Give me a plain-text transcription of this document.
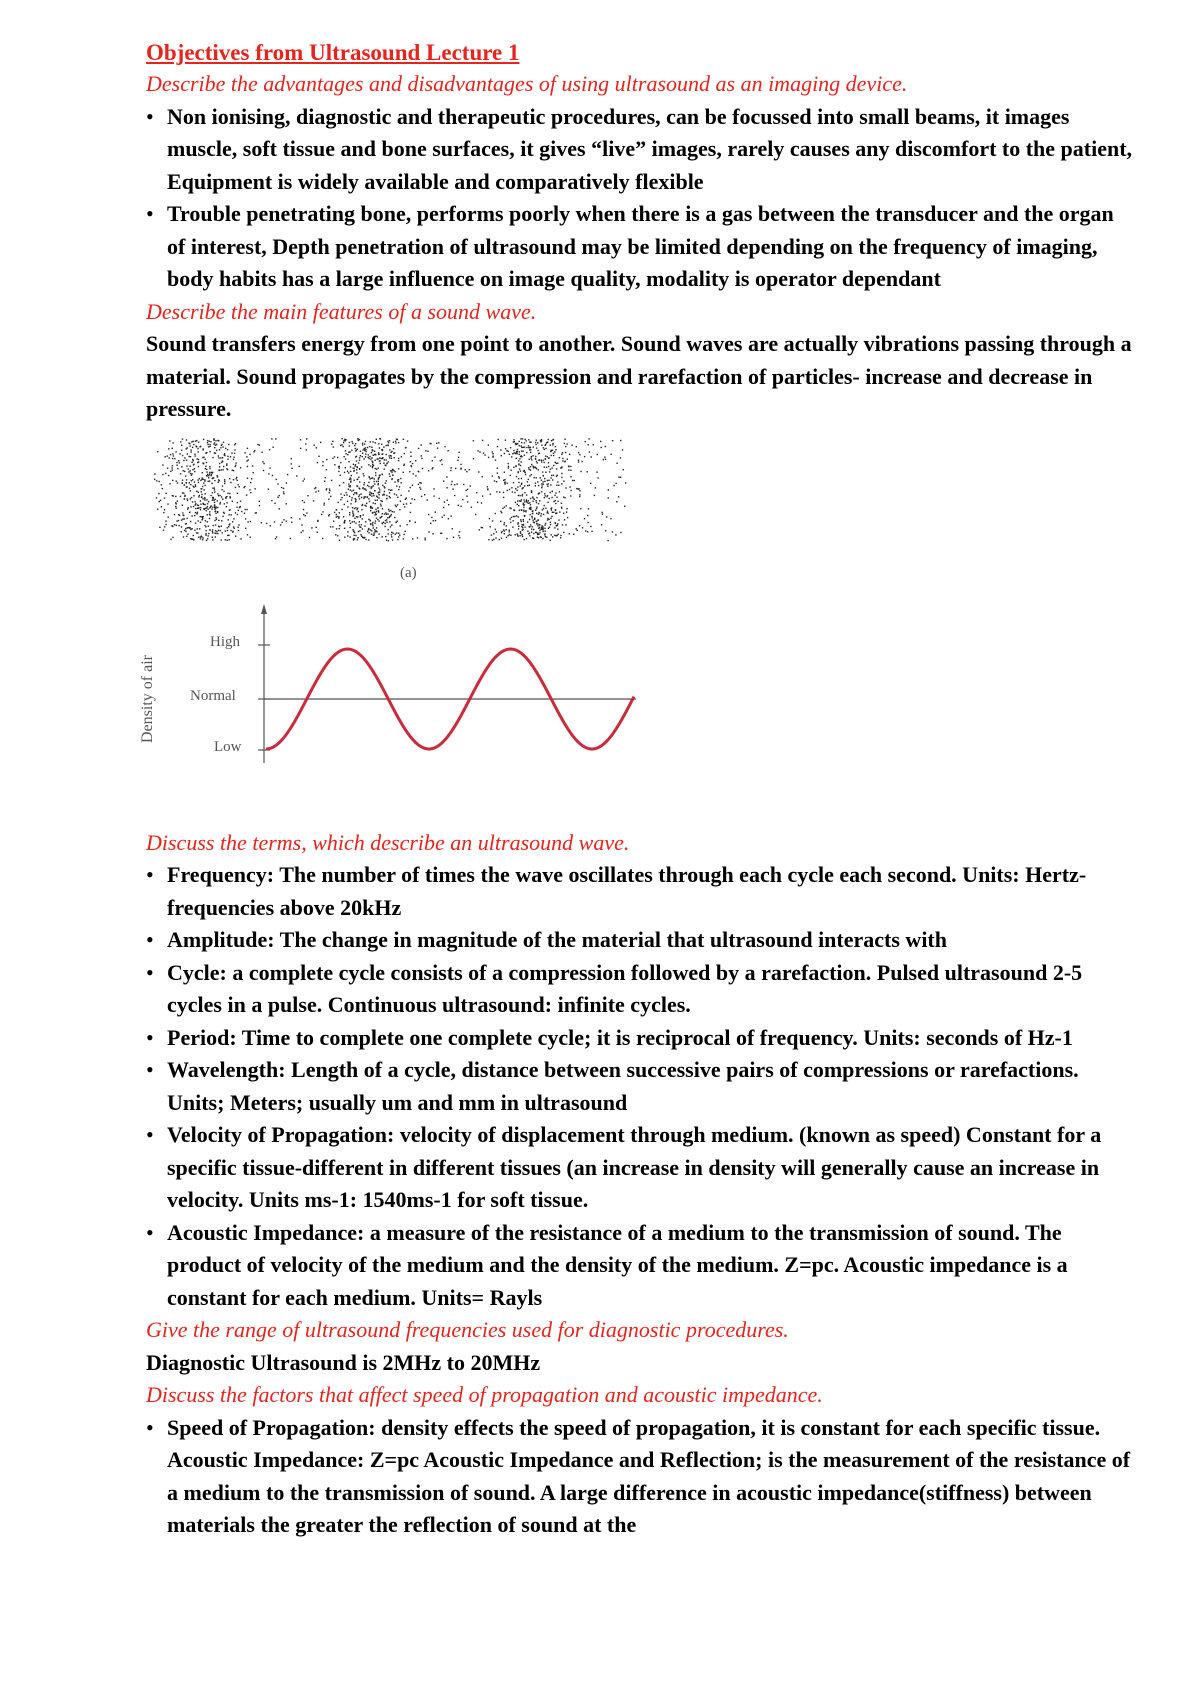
Objectives from Ultrasound Lecture 1

Describe the advantages and disadvantages of using ultrasound as an imaging device.

• Non ionising, diagnostic and therapeutic procedures, can be focussed into small beams, it images muscle, soft tissue and bone surfaces, it gives “live” images, rarely causes any discomfort to the patient, Equipment is widely available and comparatively flexible
• Trouble penetrating bone, performs poorly when there is a gas between the transducer and the organ of interest, Depth penetration of ultrasound may be limited depending on the frequency of imaging, body habits has a large influence on image quality, modality is operator dependant

Describe the main features of a sound wave.

Sound transfers energy from one point to another. Sound waves are actually vibrations passing through a material. Sound propagates by the compression and rarefaction of particles- increase and decrease in pressure.

(a)
High
Normal
Low
Density of air

Discuss the terms, which describe an ultrasound wave.

• Frequency: The number of times the wave oscillates through each cycle each second. Units: Hertz- frequencies above 20kHz
• Amplitude: The change in magnitude of the material that ultrasound interacts with
• Cycle: a complete cycle consists of a compression followed by a rarefaction. Pulsed ultrasound 2-5 cycles in a pulse. Continuous ultrasound: infinite cycles.
• Period: Time to complete one complete cycle; it is reciprocal of frequency. Units: seconds of Hz-1
• Wavelength: Length of a cycle, distance between successive pairs of compressions or rarefactions. Units; Meters; usually um and mm in ultrasound
• Velocity of Propagation: velocity of displacement through medium. (known as speed) Constant for a specific tissue-different in different tissues (an increase in density will generally cause an increase in velocity. Units ms-1: 1540ms-1 for soft tissue.
• Acoustic Impedance: a measure of the resistance of a medium to the transmission of sound. The product of velocity of the medium and the density of the medium. Z=pc. Acoustic impedance is a constant for each medium. Units= Rayls

Give the range of ultrasound frequencies used for diagnostic procedures.

Diagnostic Ultrasound is 2MHz to 20MHz

Discuss the factors that affect speed of propagation and acoustic impedance.

• Speed of Propagation: density effects the speed of propagation, it is constant for each specific tissue. Acoustic Impedance: Z=pc Acoustic Impedance and Reflection; is the measurement of the resistance of a medium to the transmission of sound. A large difference in acoustic impedance(stiffness) between materials the greater the reflection of sound at the
